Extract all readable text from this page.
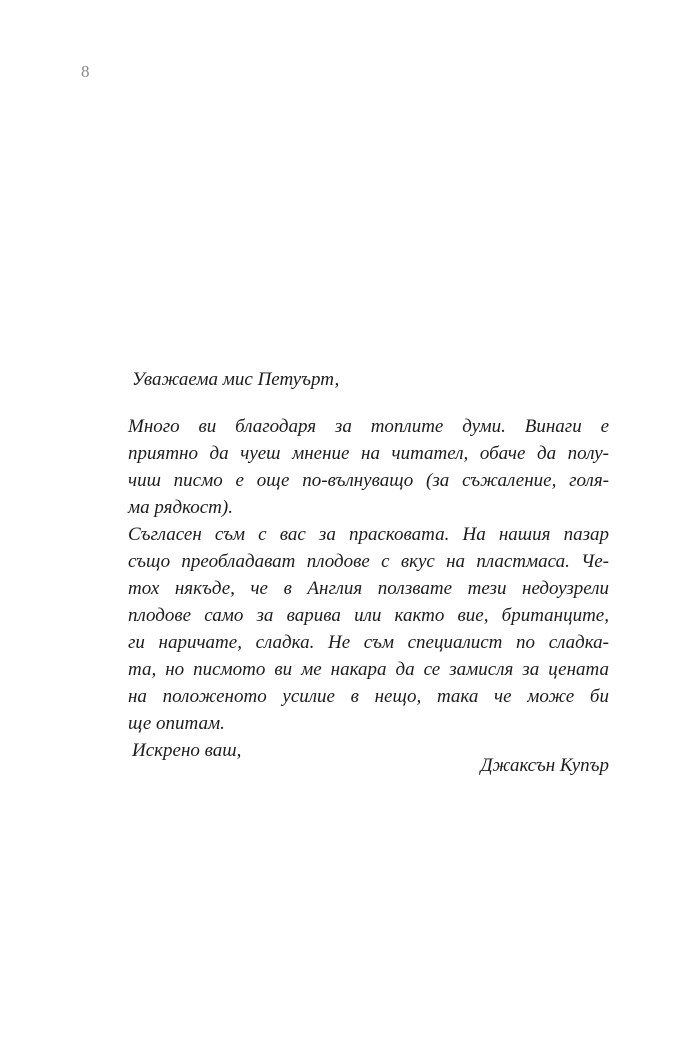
8
Уважаема мис Петуърт,
Много ви благодаря за топлите думи. Винаги е
приятно да чуеш мнение на читател, обаче да полу-
чиш писмо е още по-вълнуващо (за съжаление, голя-
ма рядкост).
Съгласен съм с вас за прасковата. На нашия пазар
също преобладават плодове с вкус на пластмаса. Че-
тох някъде, че в Англия ползвате тези недоузрели
плодове само за варива или както вие, британците,
ги наричате, сладка. Не съм специалист по сладка-
та, но писмото ви ме накара да се замисля за цената
на положеното усилие в нещо, така че може би
ще опитам.
Искрено ваш,
Джаксън Купър
